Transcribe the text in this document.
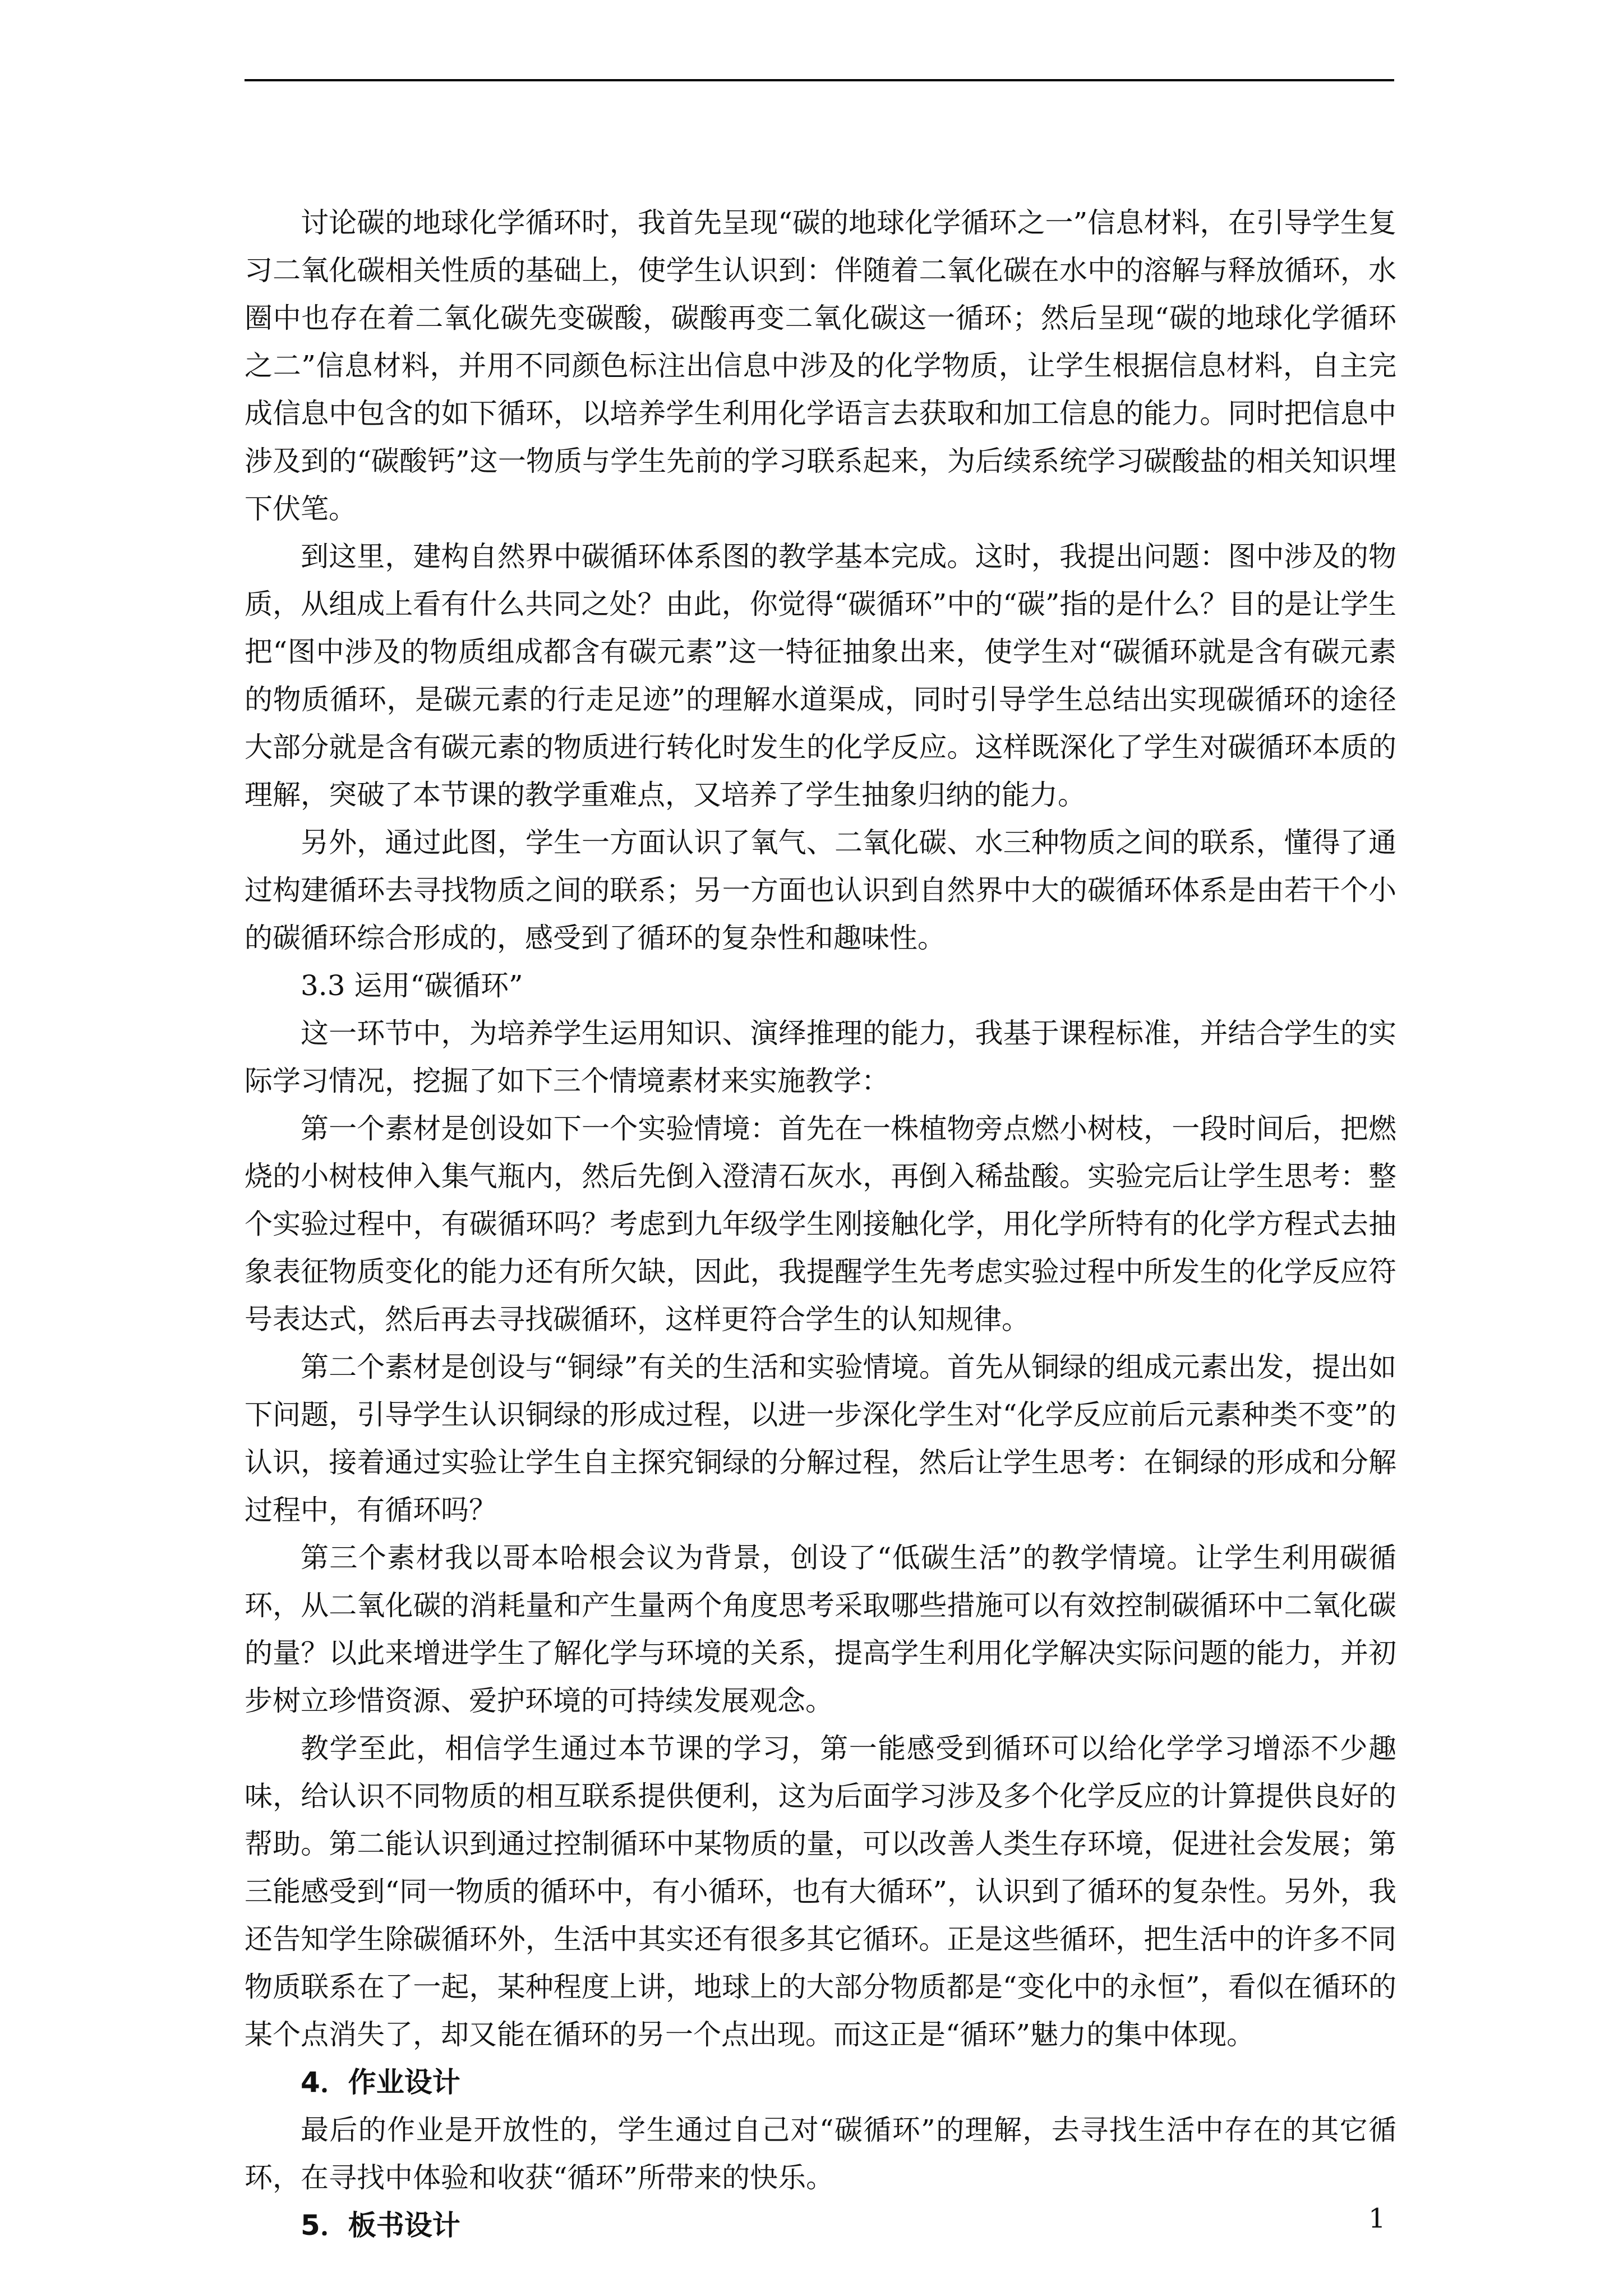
讨论碳的地球化学循环时，我首先呈现“碳的地球化学循环之一”信息材料，在引导学生复习二氧化碳相关性质的基础上，使学生认识到：伴随着二氧化碳在水中的溶解与释放循环，水圈中也存在着二氧化碳先变碳酸，碳酸再变二氧化碳这一循环；然后呈现“碳的地球化学循环之二”信息材料，并用不同颜色标注出信息中涉及的化学物质，让学生根据信息材料，自主完成信息中包含的如下循环，以培养学生利用化学语言去获取和加工信息的能力。同时把信息中涉及到的“碳酸钙”这一物质与学生先前的学习联系起来，为后续系统学习碳酸盐的相关知识埋下伏笔。

到这里，建构自然界中碳循环体系图的教学基本完成。这时，我提出问题：图中涉及的物质，从组成上看有什么共同之处？由此，你觉得“碳循环”中的“碳”指的是什么？目的是让学生把“图中涉及的物质组成都含有碳元素”这一特征抽象出来，使学生对“碳循环就是含有碳元素的物质循环，是碳元素的行走足迹”的理解水道渠成，同时引导学生总结出实现碳循环的途径大部分就是含有碳元素的物质进行转化时发生的化学反应。这样既深化了学生对碳循环本质的理解，突破了本节课的教学重难点，又培养了学生抽象归纳的能力。

另外，通过此图，学生一方面认识了氧气、二氧化碳、水三种物质之间的联系，懂得了通过构建循环去寻找物质之间的联系；另一方面也认识到自然界中大的碳循环体系是由若干个小的碳循环综合形成的，感受到了循环的复杂性和趣味性。

3.3 运用“碳循环”

这一环节中，为培养学生运用知识、演绎推理的能力，我基于课程标准，并结合学生的实际学习情况，挖掘了如下三个情境素材来实施教学：

第一个素材是创设如下一个实验情境：首先在一株植物旁点燃小树枝，一段时间后，把燃烧的小树枝伸入集气瓶内，然后先倒入澄清石灰水，再倒入稀盐酸。实验完后让学生思考：整个实验过程中，有碳循环吗？考虑到九年级学生刚接触化学，用化学所特有的化学方程式去抽象表征物质变化的能力还有所欠缺，因此，我提醒学生先考虑实验过程中所发生的化学反应符号表达式，然后再去寻找碳循环，这样更符合学生的认知规律。

第二个素材是创设与“铜绿”有关的生活和实验情境。首先从铜绿的组成元素出发，提出如下问题，引导学生认识铜绿的形成过程，以进一步深化学生对“化学反应前后元素种类不变”的认识，接着通过实验让学生自主探究铜绿的分解过程，然后让学生思考：在铜绿的形成和分解过程中，有循环吗？

第三个素材我以哥本哈根会议为背景，创设了“低碳生活”的教学情境。让学生利用碳循环，从二氧化碳的消耗量和产生量两个角度思考采取哪些措施可以有效控制碳循环中二氧化碳的量？以此来增进学生了解化学与环境的关系，提高学生利用化学解决实际问题的能力，并初步树立珍惜资源、爱护环境的可持续发展观念。

教学至此，相信学生通过本节课的学习，第一能感受到循环可以给化学学习增添不少趣味，给认识不同物质的相互联系提供便利，这为后面学习涉及多个化学反应的计算提供良好的帮助。第二能认识到通过控制循环中某物质的量，可以改善人类生存环境，促进社会发展；第三能感受到“同一物质的循环中，有小循环，也有大循环”，认识到了循环的复杂性。另外，我还告知学生除碳循环外，生活中其实还有很多其它循环。正是这些循环，把生活中的许多不同物质联系在了一起，某种程度上讲，地球上的大部分物质都是“变化中的永恒”，看似在循环的某个点消失了，却又能在循环的另一个点出现。而这正是“循环”魅力的集中体现。

4．作业设计

最后的作业是开放性的，学生通过自己对“碳循环”的理解，去寻找生活中存在的其它循环，在寻找中体验和收获“循环”所带来的快乐。

5．板书设计	1
